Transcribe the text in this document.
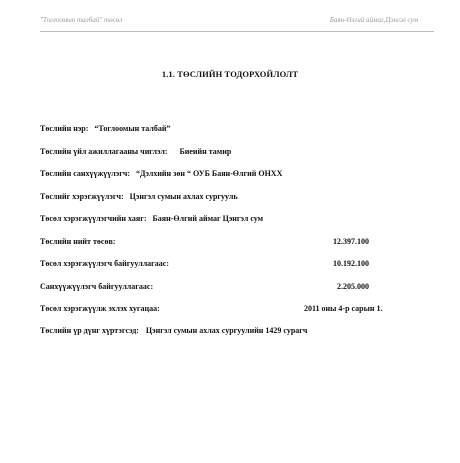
"Тоглоомын талбай" төсөл	Баян-Өлгий аймаг,Цэнгэл сум
1.1. ТӨСЛИЙН ТОДОРХОЙЛОЛТ
Төслийн нэр: “Тоглоомын талбай”
Төслийн үйл ажиллагааны чиглэл: Биеийн тамир
Төслийн санхүүжүүлэгч: “Дэлхийн зөн “ ОУБ Баян-Өлгий ОНХХ
Төслийг хэрэгжүүлэгч: Цэнгэл сумын ахлах сургууль
Төсөл хэрэгжүүлэгчийн хаяг: Баян-Өлгий аймаг Цэнгэл сум
Төслийн нийт төсөв:	12.397.100
Төсөл хэрэгжүүлэгч байгууллагаас:	10.192.100
Санхүүжүүлэгч байгууллагаас:	2.205.000
Төсөл хэрэгжүүлж эхлэх хугацаа:	2011 оны 4-р сарын 1.
Төслийн үр дүнг хүртэгсэд: Цэнгэл сумын ахлах сургуулийн 1429 сурагч
